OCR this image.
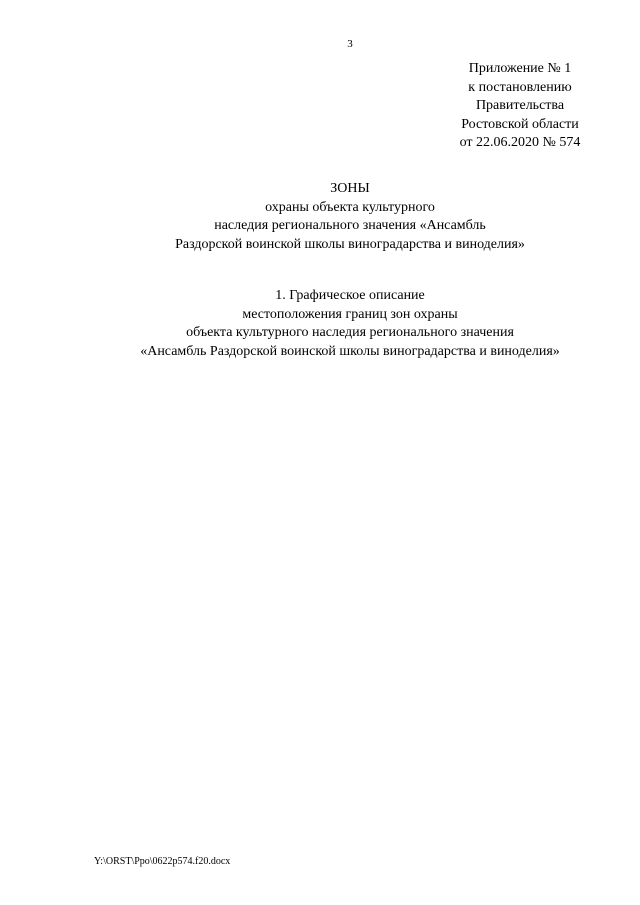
3
Приложение № 1
к постановлению
Правительства
Ростовской области
от 22.06.2020 № 574
ЗОНЫ
охраны объекта культурного
наследия регионального значения «Ансамбль
Раздорской воинской школы виноградарства и виноделия»
1. Графическое описание
местоположения границ зон охраны
объекта культурного наследия регионального значения
«Ансамбль Раздорской воинской школы виноградарства и виноделия»
Y:\ORST\Ppo\0622p574.f20.docx
